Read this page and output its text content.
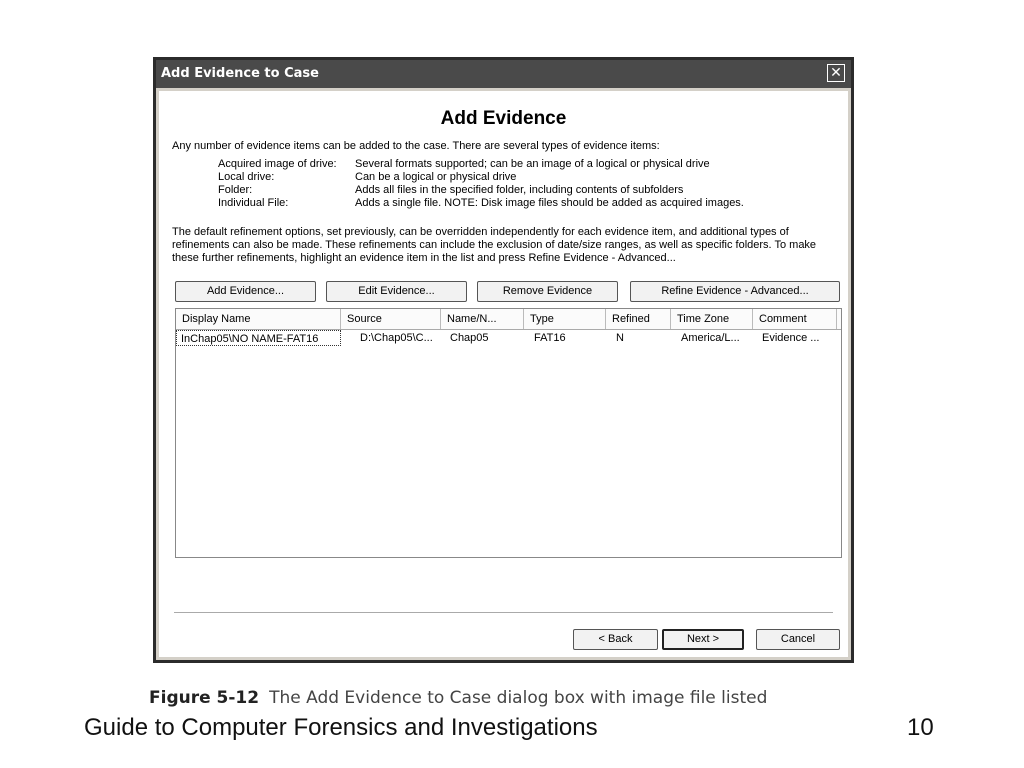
Add Evidence to Case	✕
Add Evidence
Any number of evidence items can be added to the case. There are several types of evidence items:
Acquired image of drive:	Several formats supported; can be an image of a logical or physical drive
Local drive:	Can be a logical or physical drive
Folder:	Adds all files in the specified folder, including contents of subfolders
Individual File:	Adds a single file. NOTE: Disk image files should be added as acquired images.
The default refinement options, set previously, can be overridden independently for each evidence item, and additional types of refinements can also be made. These refinements can include the exclusion of date/size ranges, as well as specific folders. To make these further refinements, highlight an evidence item in the list and press Refine Evidence - Advanced...
Add Evidence...	Edit Evidence...	Remove Evidence	Refine Evidence - Advanced...
Display Name	Source	Name/N...	Type	Refined	Time Zone	Comment
InChap05\NO NAME-FAT16	D:\Chap05\C...	Chap05	FAT16	N	America/L...	Evidence ...
< Back	Next >	Cancel
Figure 5-12 The Add Evidence to Case dialog box with image file listed
Guide to Computer Forensics and Investigations	10
